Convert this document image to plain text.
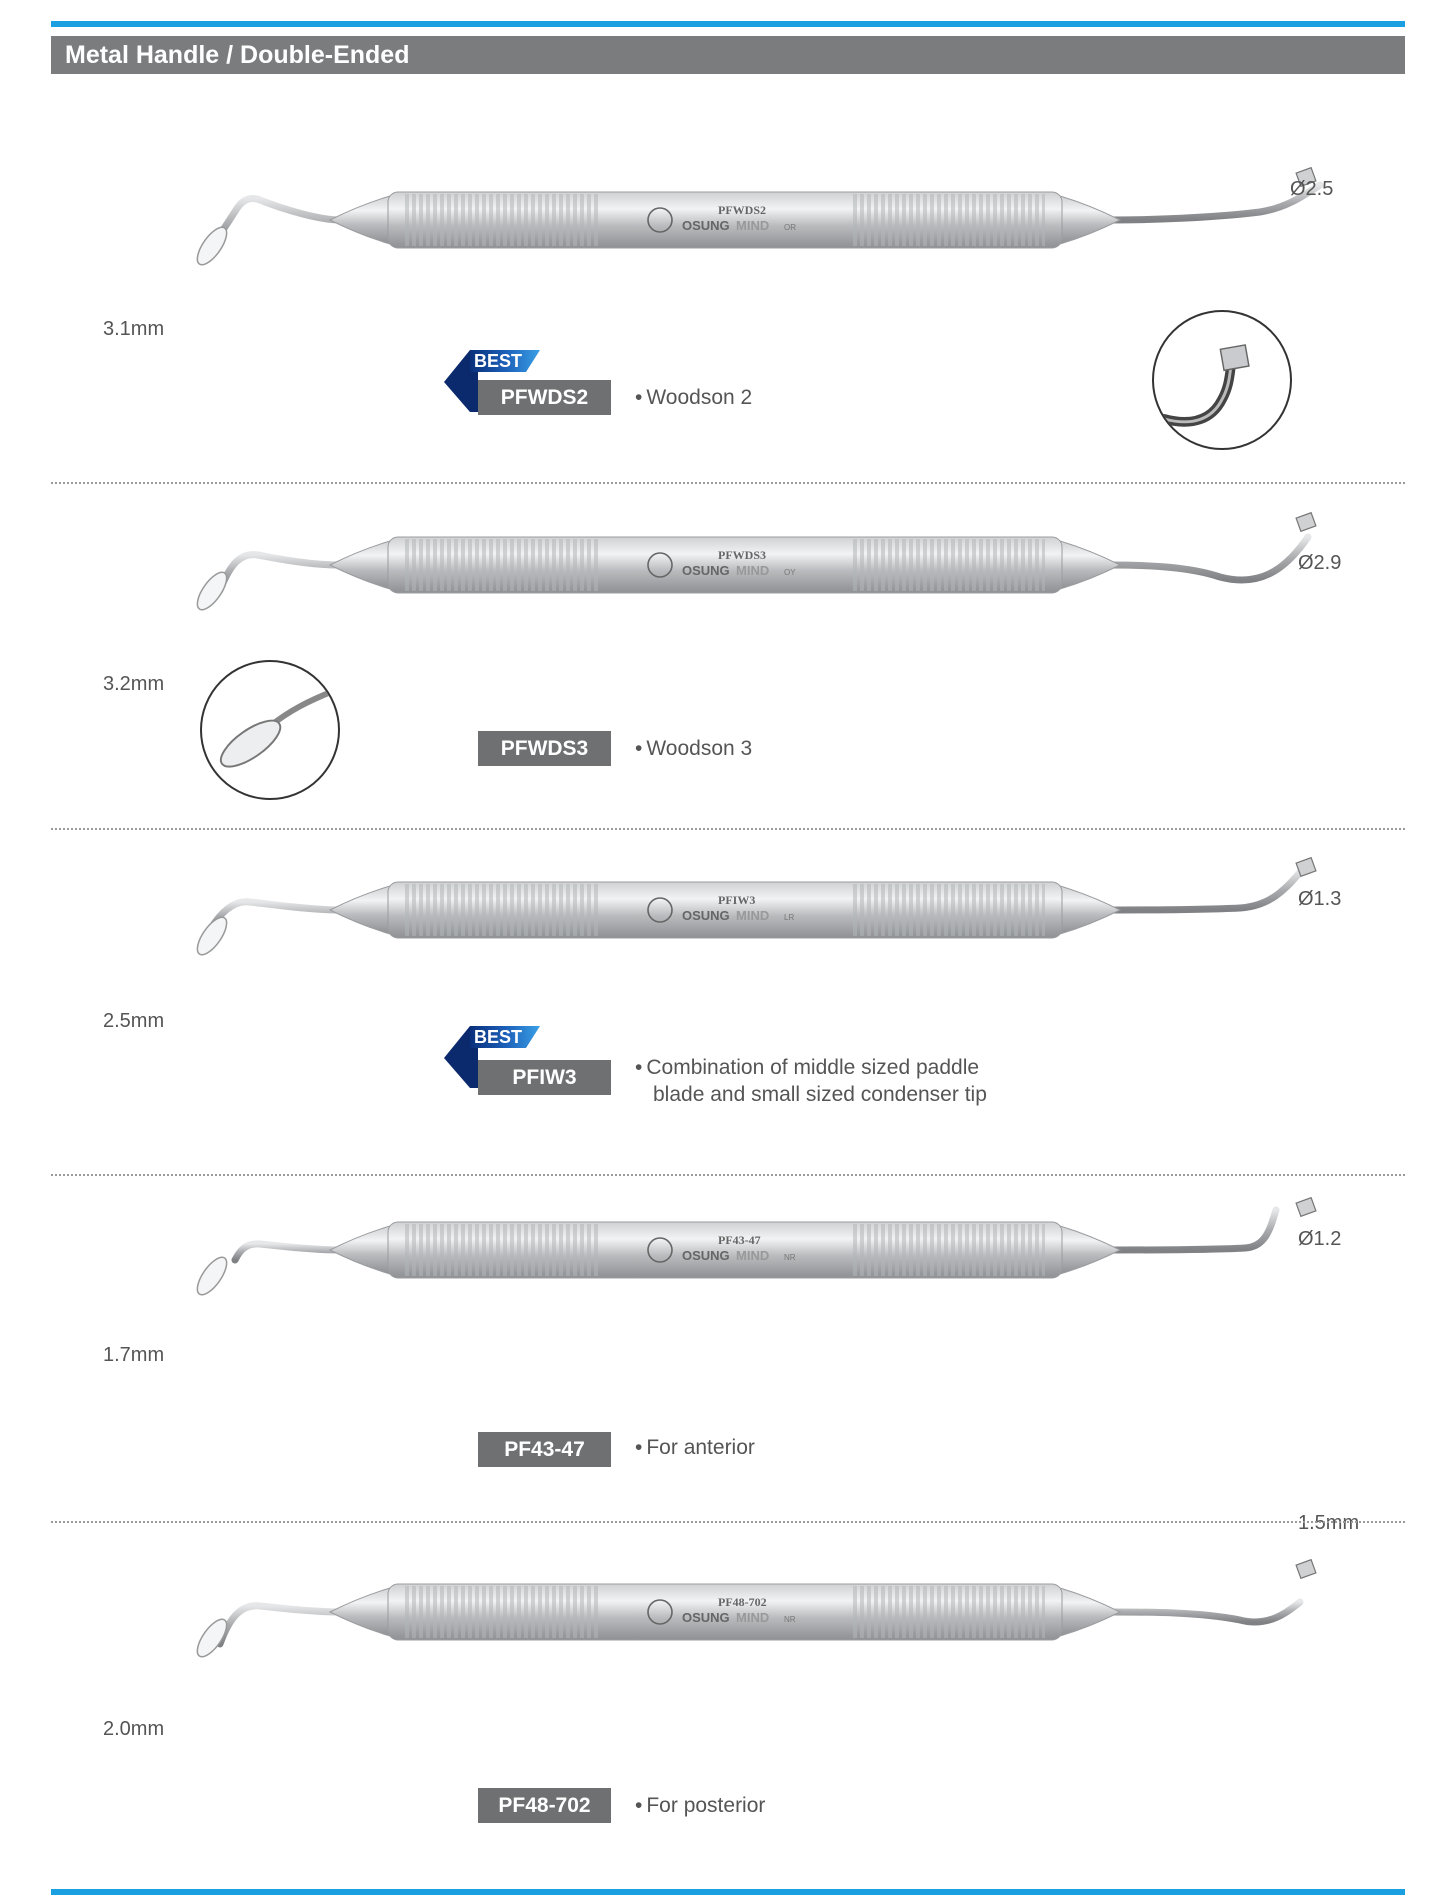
Metal Handle / Double-Ended
PFWDS2
OSUNG MIND OR
3.1mm
Ø2.5
BEST
PFWDS2	• Woodson 2
PFWDS3
OSUNG MIND OY
3.2mm
Ø2.9
PFWDS3	• Woodson 3
PFIW3
OSUNG MIND LR
2.5mm
Ø1.3
BEST
PFIW3	• Combination of middle sized paddle
blade and small sized condenser tip
PF43-47
OSUNG MIND NR
1.7mm
Ø1.2
PF43-47	• For anterior
PF48-702
OSUNG MIND NR
2.0mm
1.5mm
PF48-702	• For posterior
